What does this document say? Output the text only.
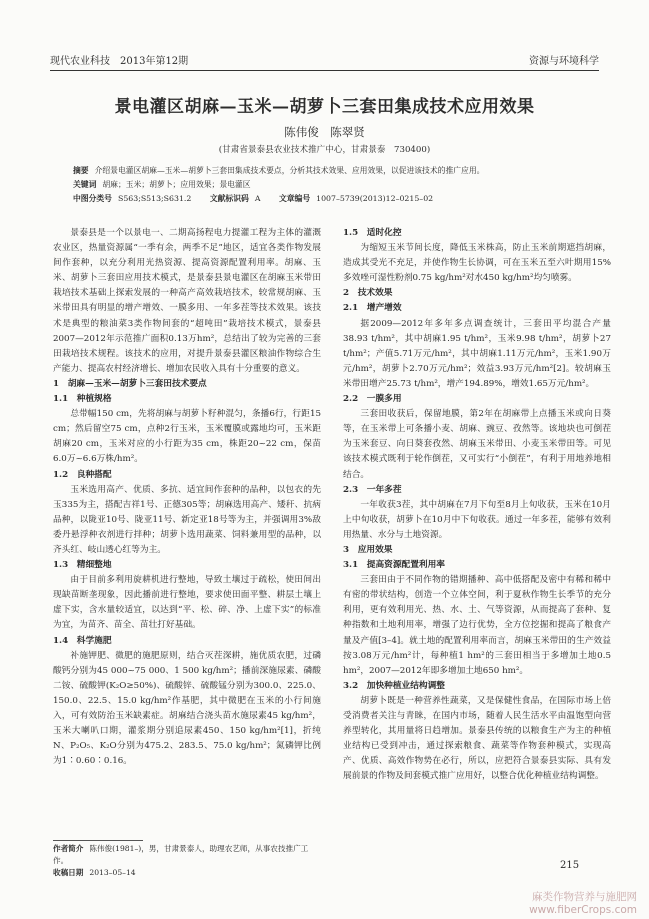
现代农业科技　2013年第12期	资源与环境科学
景电灌区胡麻—玉米—胡萝卜三套田集成技术应用效果
陈伟俊　陈翠贤
(甘肃省景泰县农业技术推广中心，甘肃景泰　730400)
摘要 介绍景电灌区胡麻—玉米—胡萝卜三套田集成技术要点，分析其技术效果、应用效果，以促进该技术的推广应用。
关键词 胡麻；玉米；胡萝卜；应用效果；景电灌区
中图分类号 S563;S513;S631.2 文献标识码 A 文章编号 1007–5739(2013)12–0215–02

景泰县是一个以景电一、二期高扬程电力提灌工程为主体的灌溉农业区，热量资源属“一季有余，两季不足”地区，适宜各类作物发展间作套种，以充分利用光热资源、提高资源配置利用率。胡麻、玉米、胡萝卜三套田应用技术模式，是景泰县景电灌区在胡麻玉米带田栽培技术基础上探索发展的一种高产高效栽培技术，较常规胡麻、玉米带田具有明显的增产增效、一膜多用、一年多茬等技术效果。该技术是典型的粮油菜3类作物间套的“超吨田”栽培技术模式，景泰县2007—2012年示范推广面积0.13万hm²，总结出了较为完善的三套田栽培技术规程。该技术的应用，对提升景泰县灌区粮油作物综合生产能力、提高农村经济增长、增加农民收入具有十分重要的意义。

1　胡麻—玉米—胡萝卜三套田技术要点

1.1　种植规格

总带幅150 cm，先将胡麻与胡萝卜籽种混匀，条播6行，行距15 cm；然后留空75 cm，点种2行玉米，玉米覆膜或露地均可，玉米距胡麻20 cm，玉米对应的小行距为35 cm，株距20~22 cm，保苗6.0万~6.6万株/hm²。

1.2　良种搭配

玉米选用高产、优质、多抗、适宜间作套种的品种，以包衣的先玉335为主，搭配吉祥1号、正德305等；胡麻选用高产、矮秆、抗病品种，以陇亚10号、陇亚11号、新定亚18号等为主，并强调用3%敌委丹悬浮种衣剂进行拌种；胡萝卜选用蔬菜、饲料兼用型的品种，以齐头红、岐山透心红等为主。

1.3　精细整地

由于目前多利用旋耕机进行整地，导致土壤过于疏松，使田间出现缺苗断垄现象，因此播前进行整地，要求使田面平整、耕层土壤上虚下实，含水量较适宜，以达到“平、松、碎、净、上虚下实”的标准为宜，为苗齐、苗全、苗壮打好基础。

1.4　科学施肥

补施钾肥、微肥的施肥原则，结合灭茬深耕，施优质农肥，过磷酸钙分别为45 000~75 000、1 500 kg/hm²；播前深施尿素、磷酸二铵、硫酸钾(K₂O≥50%)、硫酸锌、硫酸锰分别为300.0、225.0、150.0、22.5、15.0 kg/hm²作基肥，其中微肥在玉米的小行间施入，可有效防治玉米缺素症。胡麻结合浇头苗水施尿素45 kg/hm²，玉米大喇叭口期，灌浆期分别追尿素450、150 kg/hm²[1]，折纯N、P₂O₅、K₂O分别为475.2、283.5、75.0 kg/hm²；氮磷钾比例为1∶0.60∶0.16。

作者简介 陈伟俊(1981–)，男，甘肃景泰人，助理农艺师，从事农技推广工作。
收稿日期 2013–05–14

1.5　适时化控

为缩短玉米节间长度，降低玉米株高，防止玉米前期遮挡胡麻，造成其受光不充足，并使作物生长协调，可在玉米五至六叶期用15%多效唑可湿性粉剂0.75 kg/hm²对水450 kg/hm²均匀喷雾。

2　技术效果

2.1　增产增效

据2009—2012年多年多点调查统计，三套田平均混合产量38.93 t/hm²，其中胡麻1.95 t/hm²，玉米9.98 t/hm²，胡萝卜27 t/hm²；产值5.71万元/hm²，其中胡麻1.11万元/hm²，玉米1.90万元/hm²，胡萝卜2.70万元/hm²；效益3.93万元/hm²[2]。较胡麻玉米带田增产25.73 t/hm²，增产194.89%，增效1.65万元/hm²。

2.2　一膜多用

三套田收获后，保留地膜，第2年在胡麻带上点播玉米或向日葵等，在玉米带上可条播小麦、胡麻、豌豆、孜然等。该地块也可倒茬为玉米套豆、向日葵套孜然、胡麻玉米带田、小麦玉米带田等。可见该技术模式既利于轮作倒茬，又可实行“小倒茬”，有利于用地养地相结合。

2.3　一年多茬

一年收获3茬，其中胡麻在7月下旬至8月上旬收获，玉米在10月上中旬收获，胡萝卜在10月中下旬收获。通过一年多茬，能够有效利用热量、水分与土地资源。

3　应用效果

3.1　提高资源配置利用率

三套田由于不同作物的错期播种、高中低搭配及密中有稀和稀中有密的带状结构，创造一个立体空间，利于夏秋作物生长季节的充分利用，更有效利用光、热、水、土、气等资源，从而提高了套种、复种指数和土地利用率，增强了边行优势，全方位挖掘和提高了粮食产量及产值[3–4]。就土地的配置利用率而言，胡麻玉米带田的生产效益按3.08万元/hm²计，每种植1 hm²的三套田相当于多增加土地0.5 hm²，2007—2012年即多增加土地650 hm²。

3.2　加快种植业结构调整

胡萝卜既是一种营养性蔬菜，又是保健性食品，在国际市场上倍受消费者关注与青睐，在国内市场，随着人民生活水平由温饱型向营养型转化，其用量将日趋增加。景泰县传统的以粮食生产为主的种植业结构已受到冲击，通过探索粮食、蔬菜等作物套种模式，实现高产、优质、高效作物势在必行，所以，应把符合景泰县实际、具有发展前景的作物及间套模式推广应用好，以整合优化种植业结构调整。

215
麻类作物营养与施肥网
www.fiberCrops.com
